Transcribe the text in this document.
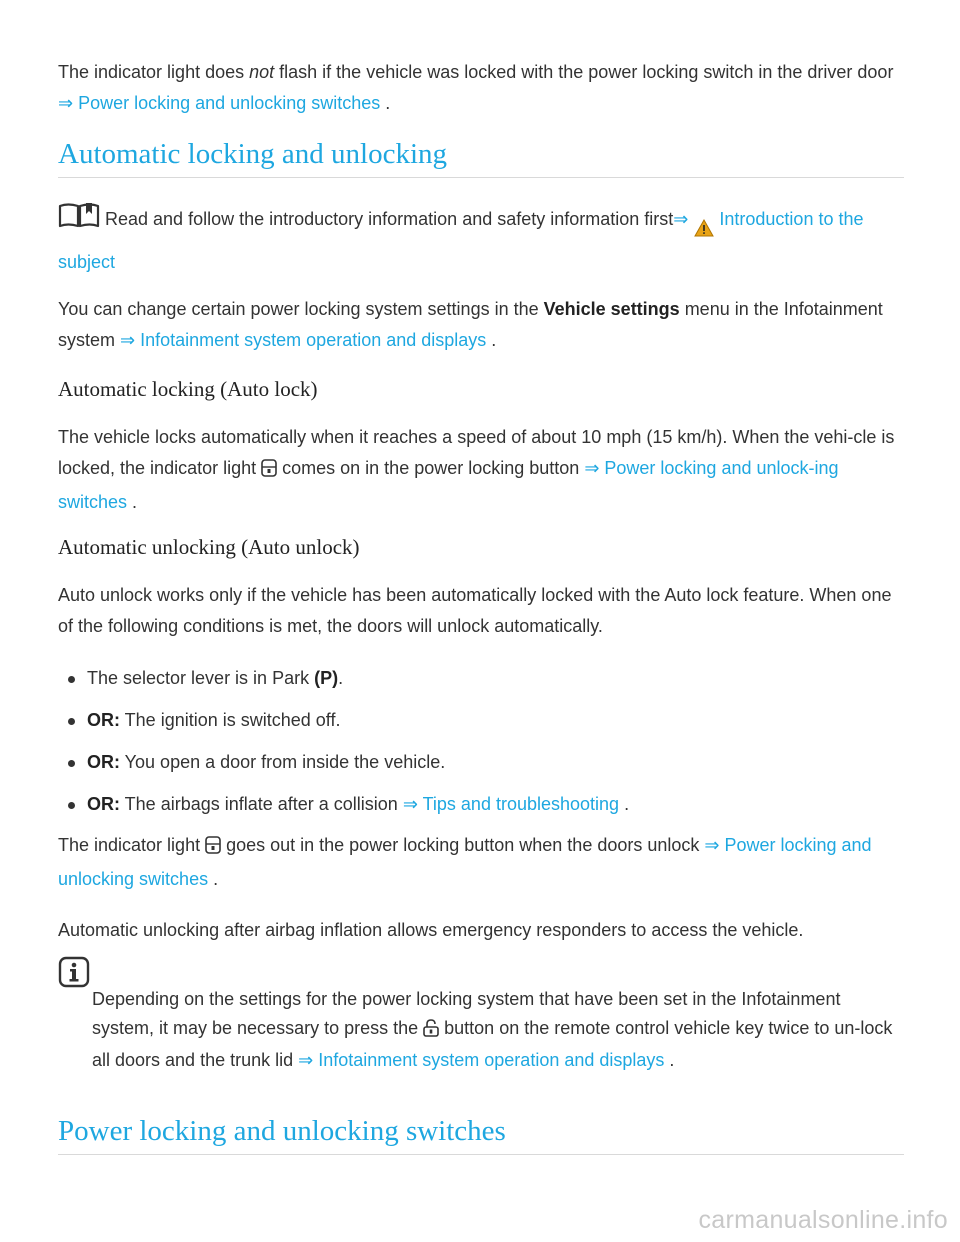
The indicator light does not flash if the vehicle was locked with the power locking switch in the driver door ⇒ Power locking and unlocking switches .

Automatic locking and unlocking

Read and follow the introductory information and safety information first⇒ Introduction to the subject

You can change certain power locking system settings in the Vehicle settings menu in the Infotainment system ⇒ Infotainment system operation and displays .

Automatic locking (Auto lock)

The vehicle locks automatically when it reaches a speed of about 10 mph (15 km/h). When the vehi-cle is locked, the indicator light  comes on in the power locking button ⇒ Power locking and unlock-ing switches .

Automatic unlocking (Auto unlock)

Auto unlock works only if the vehicle has been automatically locked with the Auto lock feature. When one of the following conditions is met, the doors will unlock automatically.

The selector lever is in Park (P).
OR: The ignition is switched off.
OR: You open a door from inside the vehicle.
OR: The airbags inflate after a collision ⇒ Tips and troubleshooting .

The indicator light  goes out in the power locking button when the doors unlock ⇒ Power locking and unlocking switches .

Automatic unlocking after airbag inflation allows emergency responders to access the vehicle.

Depending on the settings for the power locking system that have been set in the Infotainment system, it may be necessary to press the  button on the remote control vehicle key twice to un-lock all doors and the trunk lid ⇒ Infotainment system operation and displays .

Power locking and unlocking switches
carmanualsonline.info
